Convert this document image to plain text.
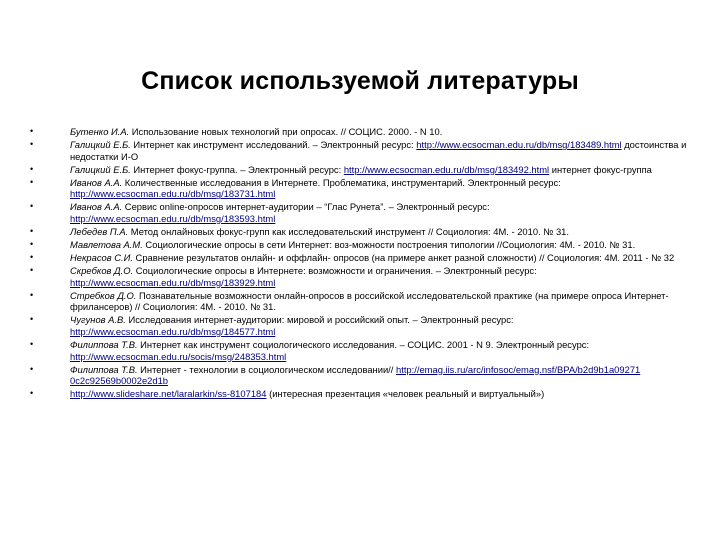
Список используемой литературы
•	Бутенко И.А. Использование новых технологий при опросах. // СОЦИС. 2000. - N 10.
•	Галицкий Е.Б. Интернет как инструмент исследований. – Электронный ресурс: http://www.ecsocman.edu.ru/db/msg/183489.html достоинства и недостатки И-О
•	Галицкий Е.Б. Интернет фокус-группа. – Электронный ресурс: http://www.ecsocman.edu.ru/db/msg/183492.html интернет фокус-группа
•	Иванов А.А. Количественные исследования в Интернете. Проблематика, инструментарий. Электронный ресурс: http://www.ecsocman.edu.ru/db/msg/183731.html
•	Иванов А.А. Сервис online-опросов интернет-аудитории – “Глас Рунета”. – Электронный ресурс: http://www.ecsocman.edu.ru/db/msg/183593.html
•	Лебедев П.А. Метод онлайновых фокус-групп как исследовательский инструмент // Социология: 4М. - 2010. № 31.
•	Мавлетова А.М. Социологические опросы в сети Интернет: воз-можности построения типологии //Социология: 4М. - 2010. № 31.
•	Некрасов С.И. Сравнение результатов онлайн- и оффлайн- опросов (на примере анкет разной сложности) // Социология: 4М. 2011 - № 32
•	Скребков Д.О. Социологические опросы в Интернете: возможности и ограничения. – Электронный ресурс: http://www.ecsocman.edu.ru/db/msg/183929.html
•	Стребков Д.О. Познавательные возможности онлайн-опросов в российской исследовательской практике (на примере опроса Интернет-фрилансеров) // Социология: 4М. - 2010. № 31.
•	Чугунов А.В. Исследования интернет-аудитории: мировой и российский опыт. – Электронный ресурс: http://www.ecsocman.edu.ru/db/msg/184577.html
•	Филиппова Т.В. Интернет как инструмент социологического исследования. – СОЦИС. 2001 - N 9. Электронный ресурс: http://www.ecsocman.edu.ru/socis/msg/248353.html
•	Филиппова Т.В. Интернет - технологии в социологическом исследовании// http://emag.iis.ru/arc/infosoc/emag.nsf/BPA/b2d9b1a09271 0c2c92569b0002e2d1b
•	http://www.slideshare.net/laralarkin/ss-8107184 (интересная презентация «человек реальный и виртуальный»)
